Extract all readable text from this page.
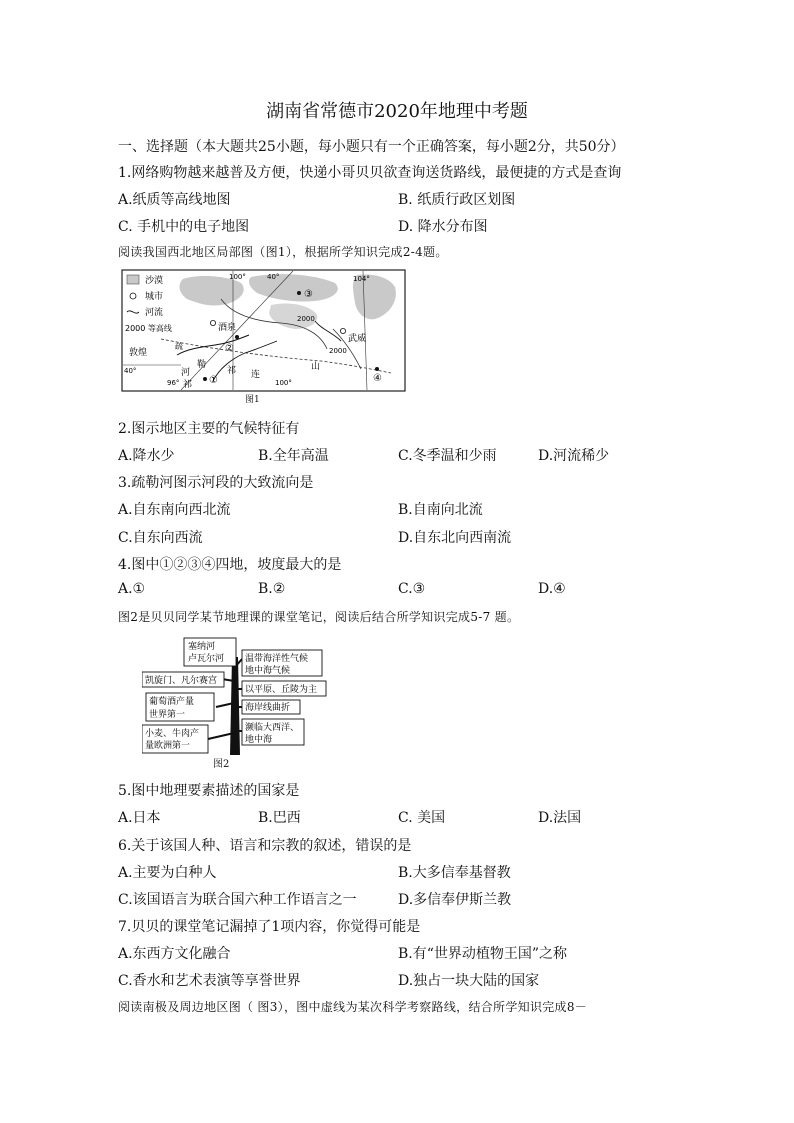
湖南省常德市2020年地理中考题
一、选择题（本大题共25小题，每小题只有一个正确答案，每小题2分，共50分）
1.网络购物越来越普及方便，快递小哥贝贝欲查询送货路线，最便捷的方式是查询
A.纸质等高线地图	B. 纸质行政区划图
C. 手机中的电子地图	D. 降水分布图
阅读我国西北地区局部图（图1），根据所学知识完成2-4题。
沙漠
城市
河流
2000 等高线
100°	40°	104°
40°
96°	100°
2000
2000
酒泉
武威
敦煌
疏
勒
河	祁 连
山
祁 ①
②
③
④
图1
2.图示地区主要的气候特征有
A.降水少	B.全年高温	C.冬季温和少雨	D.河流稀少
3.疏勒河图示河段的大致流向是
A.自东南向西北流	B.自南向北流
C.自东向西流	D.自东北向西南流
4.图中①②③④四地，坡度最大的是
A.①	B.②	C.③	D.④
图2是贝贝同学某节地理课的课堂笔记，阅读后结合所学知识完成5-7 题。
塞纳河
卢瓦尔河 温带海洋性气候
地中海气候
凯旋门、凡尔赛宫
以平原、丘陵为主
葡萄酒产量
世界第一
海岸线曲折
小麦、牛肉产
量欧洲第一
濒临大西洋、
地中海
图2
5.图中地理要素描述的国家是
A.日本	B.巴西	C. 美国	D.法国
6.关于该国人种、语言和宗教的叙述，错误的是
A.主要为白种人	B.大多信奉基督教
C.该国语言为联合国六种工作语言之一	D.多信奉伊斯兰教
7.贝贝的课堂笔记漏掉了1项内容，你觉得可能是
A.东西方文化融合	B.有“世界动植物王国”之称
C.香水和艺术表演等享誉世界	D.独占一块大陆的国家
阅读南极及周边地区图（ 图3），图中虚线为某次科学考察路线，结合所学知识完成8－
